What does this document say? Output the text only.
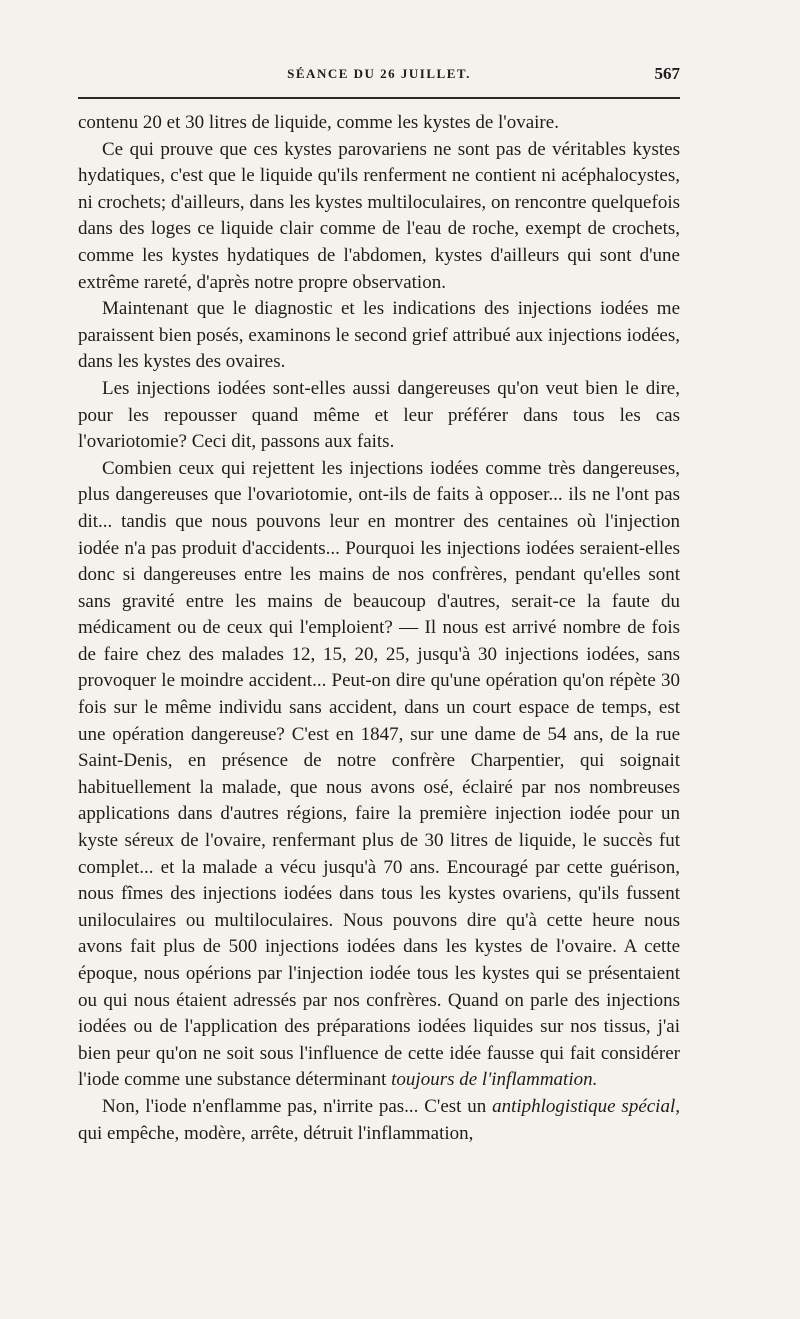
SÉANCE DU 26 JUILLET.	567

contenu 20 et 30 litres de liquide, comme les kystes de l'ovaire.

Ce qui prouve que ces kystes parovariens ne sont pas de véritables kystes hydatiques, c'est que le liquide qu'ils renferment ne contient ni acéphalocystes, ni crochets; d'ailleurs, dans les kystes multiloculaires, on rencontre quelquefois dans des loges ce liquide clair comme de l'eau de roche, exempt de crochets, comme les kystes hydatiques de l'abdomen, kystes d'ailleurs qui sont d'une extrême rareté, d'après notre propre observation.

Maintenant que le diagnostic et les indications des injections iodées me paraissent bien posés, examinons le second grief attribué aux injections iodées, dans les kystes des ovaires.

Les injections iodées sont-elles aussi dangereuses qu'on veut bien le dire, pour les repousser quand même et leur préférer dans tous les cas l'ovariotomie? Ceci dit, passons aux faits.

Combien ceux qui rejettent les injections iodées comme très dangereuses, plus dangereuses que l'ovariotomie, ont-ils de faits à opposer... ils ne l'ont pas dit... tandis que nous pouvons leur en montrer des centaines où l'injection iodée n'a pas produit d'accidents... Pourquoi les injections iodées seraient-elles donc si dangereuses entre les mains de nos confrères, pendant qu'elles sont sans gravité entre les mains de beaucoup d'autres, serait-ce la faute du médicament ou de ceux qui l'emploient? — Il nous est arrivé nombre de fois de faire chez des malades 12, 15, 20, 25, jusqu'à 30 injections iodées, sans provoquer le moindre accident... Peut-on dire qu'une opération qu'on répète 30 fois sur le même individu sans accident, dans un court espace de temps, est une opération dangereuse? C'est en 1847, sur une dame de 54 ans, de la rue Saint-Denis, en présence de notre confrère Charpentier, qui soignait habituellement la malade, que nous avons osé, éclairé par nos nombreuses applications dans d'autres régions, faire la première injection iodée pour un kyste séreux de l'ovaire, renfermant plus de 30 litres de liquide, le succès fut complet... et la malade a vécu jusqu'à 70 ans. Encouragé par cette guérison, nous fîmes des injections iodées dans tous les kystes ovariens, qu'ils fussent uniloculaires ou multiloculaires. Nous pouvons dire qu'à cette heure nous avons fait plus de 500 injections iodées dans les kystes de l'ovaire. A cette époque, nous opérions par l'injection iodée tous les kystes qui se présentaient ou qui nous étaient adressés par nos confrères. Quand on parle des injections iodées ou de l'application des préparations iodées liquides sur nos tissus, j'ai bien peur qu'on ne soit sous l'influence de cette idée fausse qui fait considérer l'iode comme une substance déterminant toujours de l'inflammation.

Non, l'iode n'enflamme pas, n'irrite pas... C'est un antiphlogistique spécial, qui empêche, modère, arrête, détruit l'inflammation,
